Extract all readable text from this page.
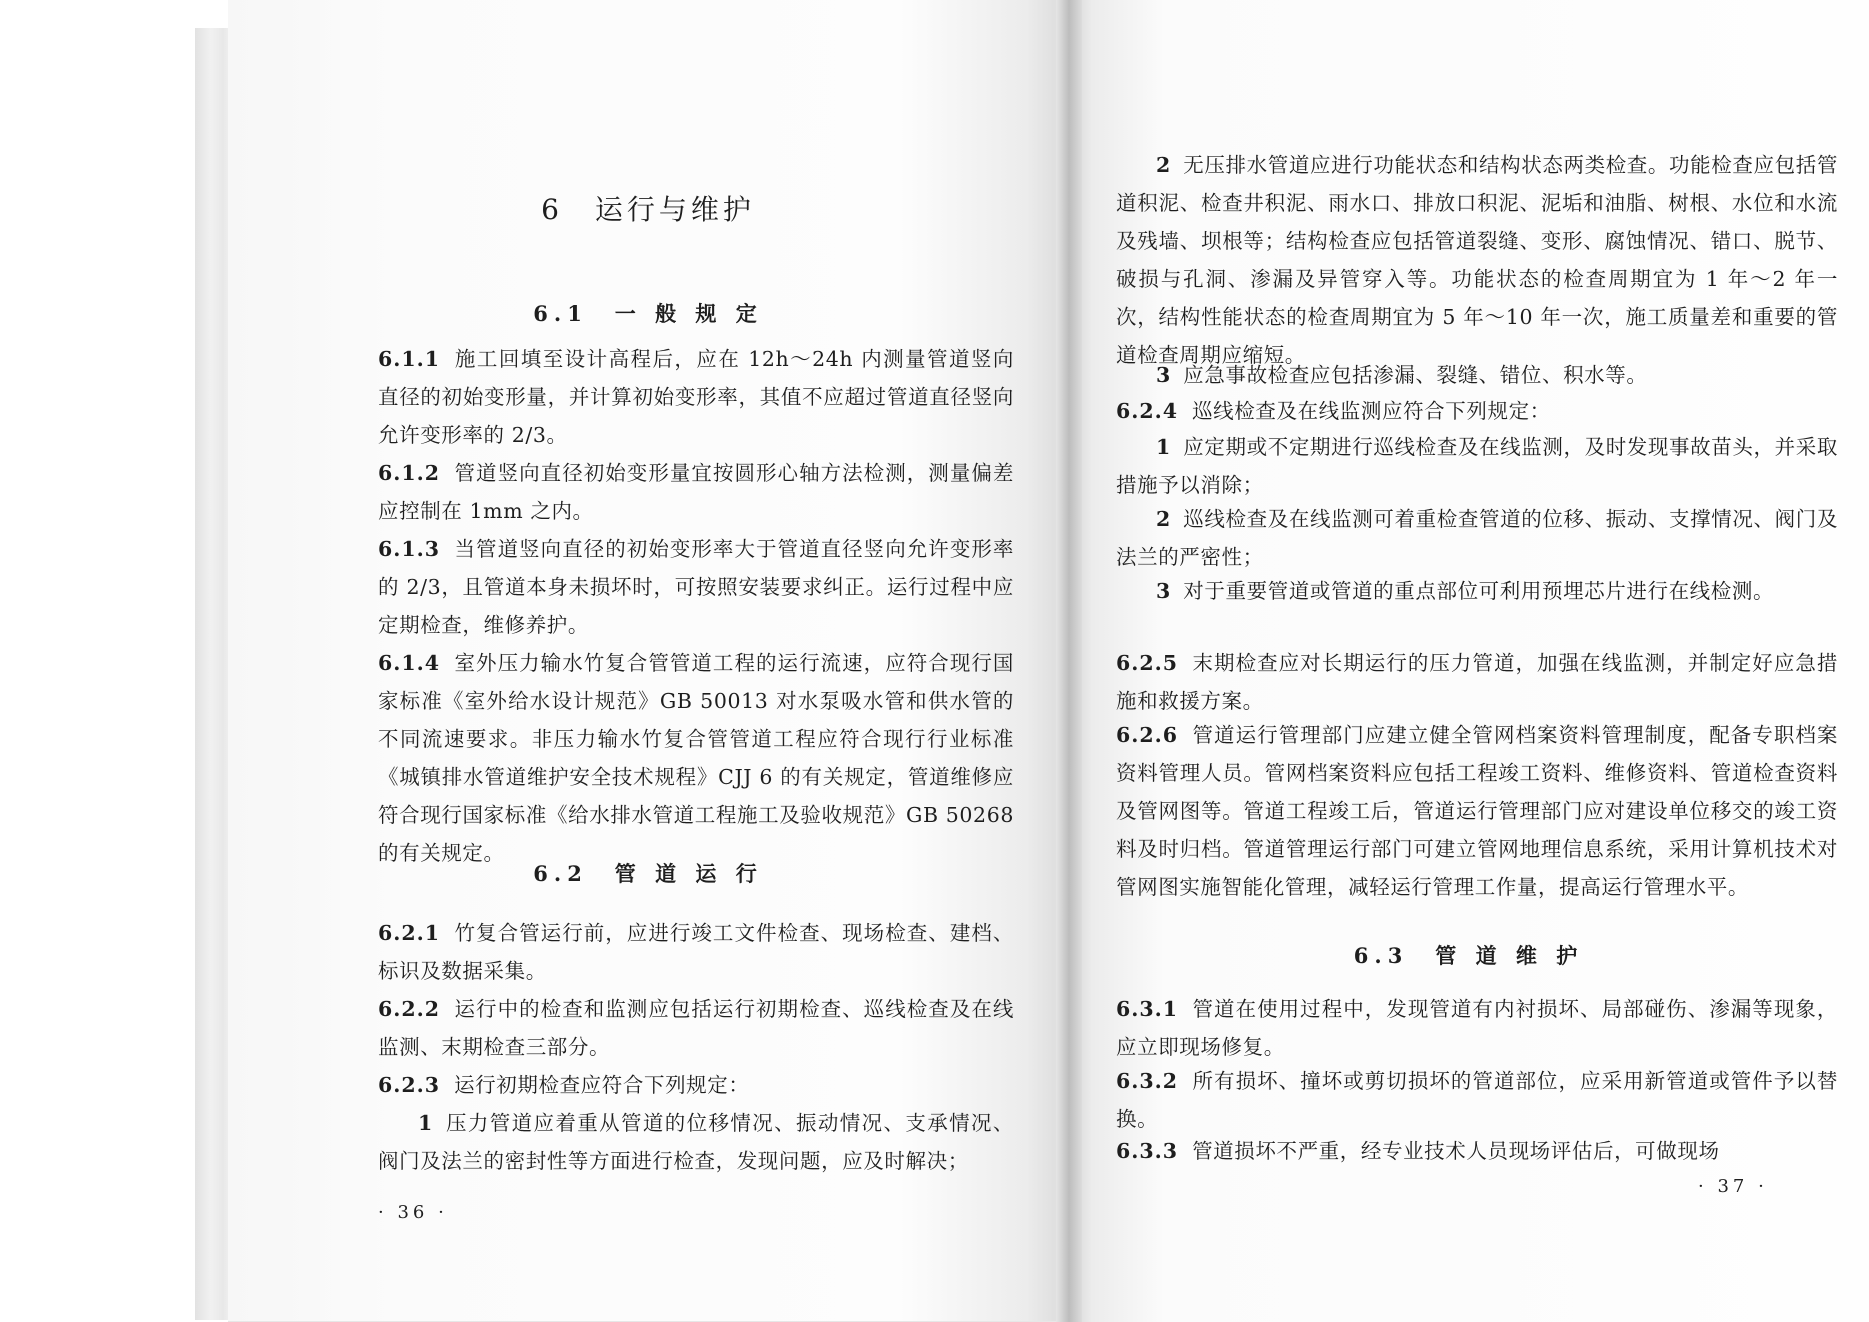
6　运行与维护
6.1　一 般 规 定
6.1.1 施工回填至设计高程后，应在 12h～24h 内测量管道竖向直径的初始变形量，并计算初始变形率，其值不应超过管道直径竖向允许变形率的 2/3。
6.1.2 管道竖向直径初始变形量宜按圆形心轴方法检测，测量偏差应控制在 1mm 之内。
6.1.3 当管道竖向直径的初始变形率大于管道直径竖向允许变形率的 2/3，且管道本身未损坏时，可按照安装要求纠正。运行过程中应定期检查，维修养护。
6.1.4 室外压力输水竹复合管管道工程的运行流速，应符合现行国家标准《室外给水设计规范》GB 50013 对水泵吸水管和供水管的不同流速要求。非压力输水竹复合管管道工程应符合现行行业标准《城镇排水管道维护安全技术规程》CJJ 6 的有关规定，管道维修应符合现行国家标准《给水排水管道工程施工及验收规范》GB 50268 的有关规定。
6.2　管 道 运 行
6.2.1 竹复合管运行前，应进行竣工文件检查、现场检查、建档、标识及数据采集。
6.2.2 运行中的检查和监测应包括运行初期检查、巡线检查及在线监测、末期检查三部分。
6.2.3 运行初期检查应符合下列规定：
1 压力管道应着重从管道的位移情况、振动情况、支承情况、阀门及法兰的密封性等方面进行检查，发现问题，应及时解决；
· 36 ·
2 无压排水管道应进行功能状态和结构状态两类检查。功能检查应包括管道积泥、检查井积泥、雨水口、排放口积泥、泥垢和油脂、树根、水位和水流及残墙、坝根等；结构检查应包括管道裂缝、变形、腐蚀情况、错口、脱节、破损与孔洞、渗漏及异管穿入等。功能状态的检查周期宜为 1 年～2 年一次，结构性能状态的检查周期宜为 5 年～10 年一次，施工质量差和重要的管道检查周期应缩短。
3 应急事故检查应包括渗漏、裂缝、错位、积水等。
6.2.4 巡线检查及在线监测应符合下列规定：
1 应定期或不定期进行巡线检查及在线监测，及时发现事故苗头，并采取措施予以消除；
2 巡线检查及在线监测可着重检查管道的位移、振动、支撑情况、阀门及法兰的严密性；
3 对于重要管道或管道的重点部位可利用预埋芯片进行在线检测。
6.2.5 末期检查应对长期运行的压力管道，加强在线监测，并制定好应急措施和救援方案。
6.2.6 管道运行管理部门应建立健全管网档案资料管理制度，配备专职档案资料管理人员。管网档案资料应包括工程竣工资料、维修资料、管道检查资料及管网图等。管道工程竣工后，管道运行管理部门应对建设单位移交的竣工资料及时归档。管道管理运行部门可建立管网地理信息系统，采用计算机技术对管网图实施智能化管理，减轻运行管理工作量，提高运行管理水平。
6.3　管 道 维 护
6.3.1 管道在使用过程中，发现管道有内衬损坏、局部碰伤、渗漏等现象，应立即现场修复。
6.3.2 所有损坏、撞坏或剪切损坏的管道部位，应采用新管道或管件予以替换。
6.3.3 管道损坏不严重，经专业技术人员现场评估后，可做现场
· 37 ·
